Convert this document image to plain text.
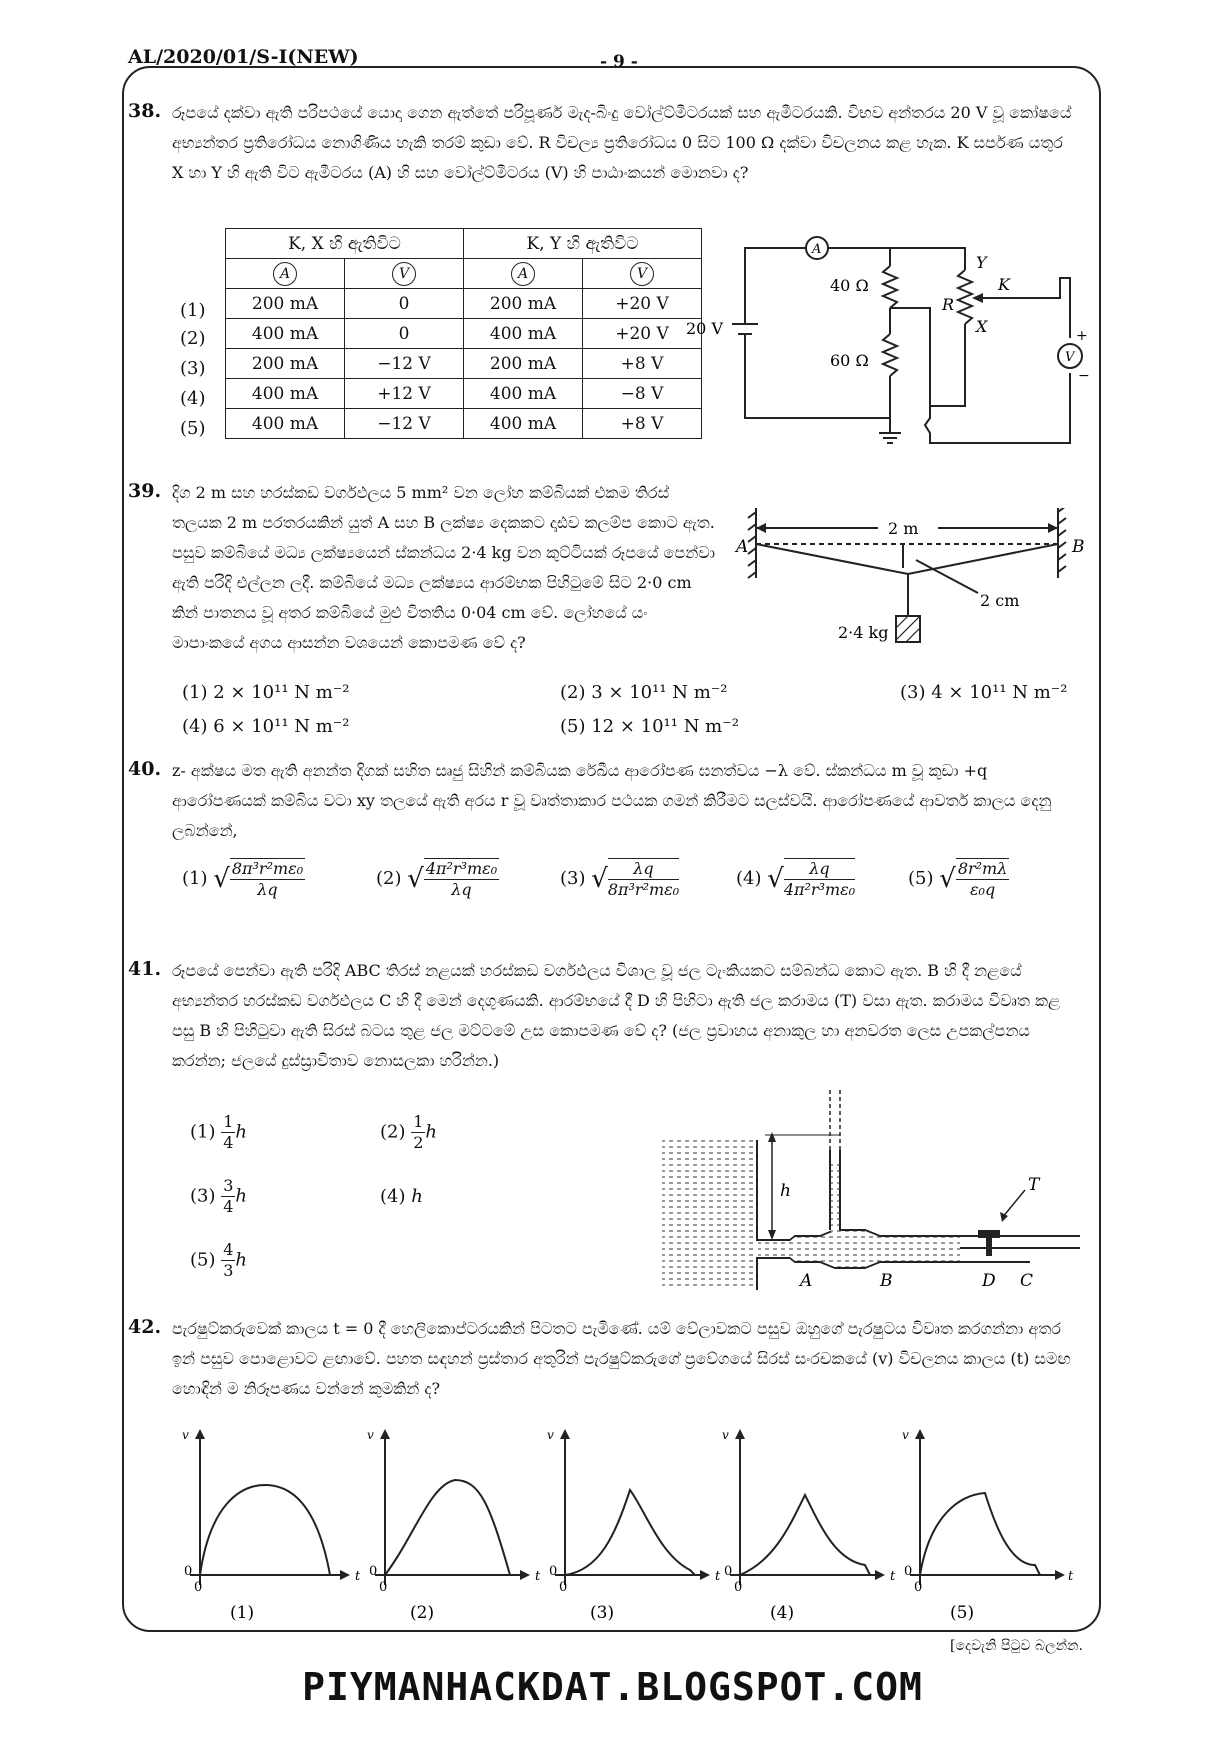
AL/2020/01/S-I(NEW)	- 9 -
38. රූපයේ දක්වා ඇති පරිපථයේ යොදා ගෙන ඇත්තේ පරිපූර්ණ මැද-බිංදු වෝල්ට්මීටරයක් සහ ඇමීටරයකි. විභව අන්තරය 20 V වූ කෝෂයේ අභ්‍යන්තර ප්‍රතිරෝධය නොගිණිය හැකි තරම් කුඩා වේ. R විචල්‍ය ප්‍රතිරෝධය 0 සිට 100 Ω දක්වා විචලනය කළ හැක. K සර්පණ යතුර X හා Y හි ඇති විට ඇමීටරය (A) හි සහ වෝල්ට්මීටරය (V) හි පාඨාංකයන් මොනවා ද?
(1)
(2)
(3)
(4)
(5)
K, X හි ඇතිවිට		K, Y හි ඇතිවිට	
A	V	A	V
200 mA	0	200 mA	+20 V
400 mA	0	400 mA	+20 V
200 mA	−12 V	200 mA	+8 V
400 mA	+12 V	400 mA	−8 V
400 mA	−12 V	400 mA	+8 V
A
V
+
−
40 Ω
60 Ω
20 V
R
K
Y
X
39. දිග 2 m සහ හරස්කඩ වර්ගඵලය 5 mm² වන ලෝහ කම්බියක් එකම තිරස් තලයක 2 m පරතරයකින් යුත් A සහ B ලක්ෂ්‍ය දෙකකට දෘඪව කලම්ප කොට ඇත. පසුව කම්බියේ මධ්‍ය ලක්ෂ්‍යයෙන් ස්කන්ධය 2·4 kg වන කුට්ටියක් රූපයේ පෙන්වා ඇති පරිදි එල්ලන ලදී. කම්බියේ මධ්‍ය ලක්ෂ්‍යය ආරම්භක පිහිටුමේ සිට 2·0 cm කින් පාතනය වූ අතර කම්බියේ මුළු විතතිය 0·04 cm වේ. ලෝහයේ යං මාපාංකයේ අගය ආසන්න වශයෙන් කොපමණ වේ ද?
A	B
2 m
2 cm
2·4 kg
(1) 2 × 10¹¹ N m⁻²	(2) 3 × 10¹¹ N m⁻²	(3) 4 × 10¹¹ N m⁻²
(4) 6 × 10¹¹ N m⁻²	(5) 12 × 10¹¹ N m⁻²
40. z- අක්ෂය මත ඇති අනන්ත දිගක් සහිත සෘජු සිහින් කම්බියක රේඛීය ආරෝපණ ඝනත්වය −λ වේ. ස්කන්ධය m වූ කුඩා +q ආරෝපණයක් කම්බිය වටා xy තලයේ ඇති අරය r වූ වෘත්තාකාර පථයක ගමන් කිරීමට සලස්වයි. ආරෝපණයේ ආවර්ත කාලය දෙනු ලබන්නේ,
(1) √ $\frac{\text{8π³r²mε₀}}{\lambda q}$	(2) √ $\frac{\text{4π²r³mε₀}}{\lambda q}$	(3) √ $\frac{\lambda q}{\text{8π³r²mε₀}}$	(4) √ $\frac{\lambda q}{\text{4π²r³mε₀}}$	(5) √ $\frac{\text{8r²mλ}}{\text{ε₀q}}$
41. රූපයේ පෙන්වා ඇති පරිදි ABC තිරස් නළයක් හරස්කඩ වර්ගඵලය විශාල වූ ජල ටැංකියකට සම්බන්ධ කොට ඇත. B හි දී නළයේ අභ්‍යන්තර හරස්කඩ වර්ගඵලය C හි දී මෙන් දෙගුණයකි. ආරම්භයේ දී D හි පිහිටා ඇති ජල කරාමය (T) වසා ඇත. කරාමය විවෘත කළ පසු B හි පිහිටුවා ඇති සිරස් බටය තුළ ජල මට්ටමේ උස කොපමණ වේ ද? (ජල ප්‍රවාහය අනාකුල හා අනවරත ලෙස උපකල්පනය කරන්න; ජලයේ දුස්ස්‍රාවිතාව නොසලකා හරින්න.)
$(1) \frac{1}{4}$ h	$(2) \frac{1}{2}$ h
$(3) \frac{3}{4}$ h	(4) h
$(5) \frac{4}{3}$ h
h
A	B	D C
T
42. පැරෂුට්කරුවෙක් කාලය t = 0 දී හෙලිකොප්ටරයකින් පිටතට පැමිණේ. යම් වේලාවකට පසුව ඔහුගේ පැරෂුටය විවෘත කරගන්නා අතර ඉන් පසුව පොළොවට ළඟාවේ. පහත සඳහන් ප්‍රස්තාර අතුරින් පැරෂුට්කරුගේ ප්‍රවේගයේ සිරස් සංරචකයේ (v) විචලනය කාලය (t) සමඟ හොඳින් ම නිරූපණය වන්නේ කුමකින් ද?
v
0
0
t
(1)
v
0
0
t
(2)
v
0
0
t
(3)
v
0
0
t
(4)
v
0
0
t
(5)
[දෙවැනි පිටුව බලන්න.
PIYMANHACKDAT.BLOGSPOT.COM
